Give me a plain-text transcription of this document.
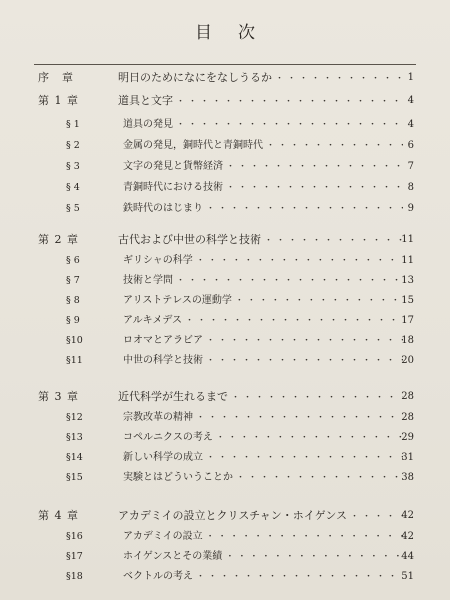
目次
序　章	明日のためになにをなしうるか ・・・・・・・・・・・・・・・・・・・・・・・・・・・・・・・・・・・・・・・・・・・・・	1
第 1 章	道具と文字 ・・・・・・・・・・・・・・・・・・・・・・・・・・・・・・・・・・・・・・・・・・・・・	4
§ 1	道具の発見 ・・・・・・・・・・・・・・・・・・・・・・・・・・・・・・・・・・・・・・・・・・・・・	4
§ 2	金属の発見，銅時代と青銅時代 ・・・・・・・・・・・・・・・・・・・・・・・・・・・・・・・・・・・・・・・・・・・・・	6
§ 3	文字の発見と貨幣経済 ・・・・・・・・・・・・・・・・・・・・・・・・・・・・・・・・・・・・・・・・・・・・・	7
§ 4	青銅時代における技術 ・・・・・・・・・・・・・・・・・・・・・・・・・・・・・・・・・・・・・・・・・・・・・	8
§ 5	鉄時代のはじまり ・・・・・・・・・・・・・・・・・・・・・・・・・・・・・・・・・・・・・・・・・・・・・	9
第 2 章	古代および中世の科学と技術 ・・・・・・・・・・・・・・・・・・・・・・・・・・・・・・・・・・・・・・・・・・・・・	11
§ 6	ギリシャの科学 ・・・・・・・・・・・・・・・・・・・・・・・・・・・・・・・・・・・・・・・・・・・・・	11
§ 7	技術と学問 ・・・・・・・・・・・・・・・・・・・・・・・・・・・・・・・・・・・・・・・・・・・・・	13
§ 8	アリストテレスの運動学 ・・・・・・・・・・・・・・・・・・・・・・・・・・・・・・・・・・・・・・・・・・・・・	15
§ 9	アルキメデス ・・・・・・・・・・・・・・・・・・・・・・・・・・・・・・・・・・・・・・・・・・・・・	17
§10	ロオマとアラビア ・・・・・・・・・・・・・・・・・・・・・・・・・・・・・・・・・・・・・・・・・・・・・	18
§11	中世の科学と技術 ・・・・・・・・・・・・・・・・・・・・・・・・・・・・・・・・・・・・・・・・・・・・・	20
第 3 章	近代科学が生れるまで ・・・・・・・・・・・・・・・・・・・・・・・・・・・・・・・・・・・・・・・・・・・・・	28
§12	宗教改革の精神 ・・・・・・・・・・・・・・・・・・・・・・・・・・・・・・・・・・・・・・・・・・・・・	28
§13	コペルニクスの考え ・・・・・・・・・・・・・・・・・・・・・・・・・・・・・・・・・・・・・・・・・・・・・	29
§14	新しい科学の成立 ・・・・・・・・・・・・・・・・・・・・・・・・・・・・・・・・・・・・・・・・・・・・・	31
§15	実験とはどういうことか ・・・・・・・・・・・・・・・・・・・・・・・・・・・・・・・・・・・・・・・・・・・・・	38
第 4 章	アカデミイの設立とクリスチャン・ホイゲンス ・・・・・・・・・・・・・・・・・・・・・・・・・・・・・・・・・・・・・・・・・・・・・	42
§16	アカデミイの設立 ・・・・・・・・・・・・・・・・・・・・・・・・・・・・・・・・・・・・・・・・・・・・・	42
§17	ホイゲンスとその業績 ・・・・・・・・・・・・・・・・・・・・・・・・・・・・・・・・・・・・・・・・・・・・・	44
§18	ベクトルの考え ・・・・・・・・・・・・・・・・・・・・・・・・・・・・・・・・・・・・・・・・・・・・・	51
